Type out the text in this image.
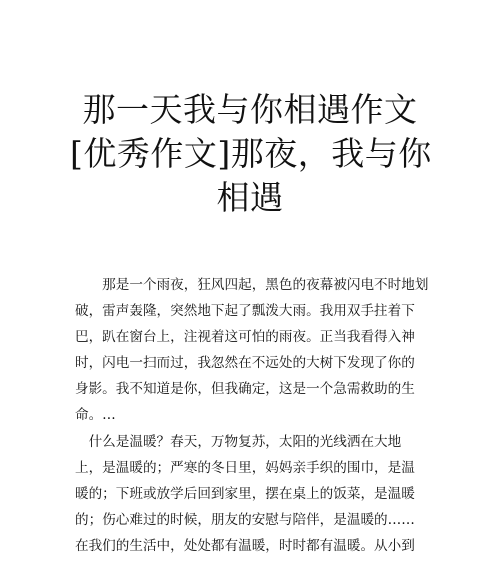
那一天我与你相遇作文
[优秀作文]那夜，我与你
相遇
　　那是一个雨夜，狂风四起，黑色的夜幕被闪电不时地划
破，雷声轰隆，突然地下起了瓢泼大雨。我用双手拄着下
巴，趴在窗台上，注视着这可怕的雨夜。正当我看得入神
时，闪电一扫而过，我忽然在不远处的大树下发现了你的
身影。我不知道是你，但我确定，这是一个急需救助的生
命。…
　什么是温暖？春天，万物复苏，太阳的光线洒在大地
上，是温暖的；严寒的冬日里，妈妈亲手织的围巾，是温
暖的；下班或放学后回到家里，摆在桌上的饭菜，是温暖
的；伤心难过的时候，朋友的安慰与陪伴，是温暖的……
在我们的生活中，处处都有温暖，时时都有温暖。从小到
